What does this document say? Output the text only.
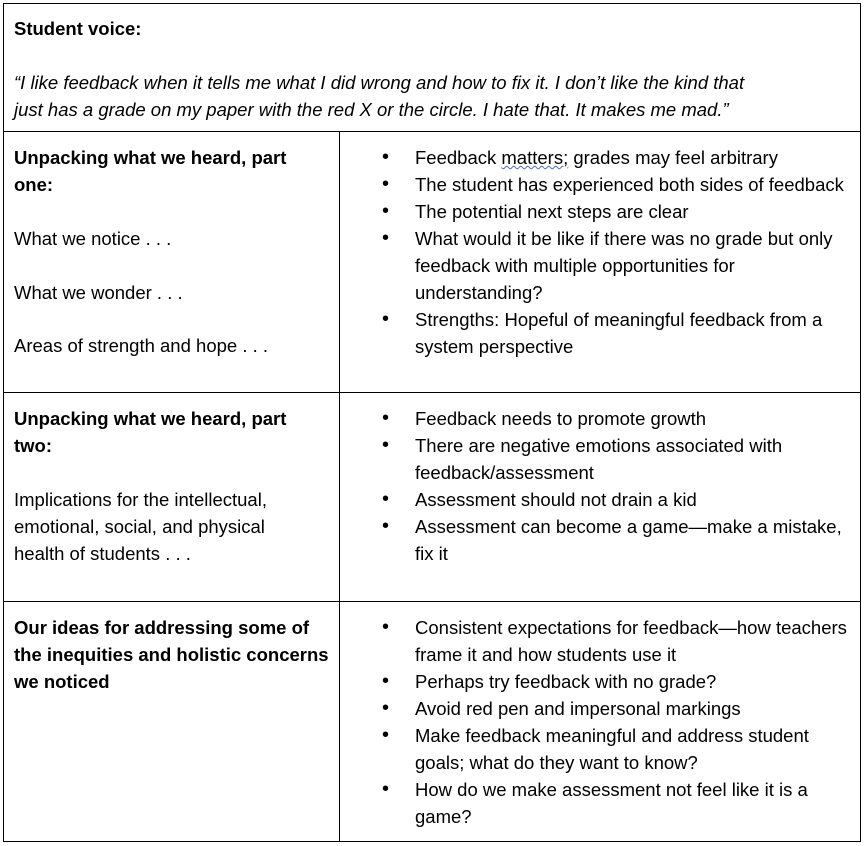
Student voice:
“I like feedback when it tells me what I did wrong and how to fix it. I don’t like the kind that
just has a grade on my paper with the red X or the circle. I hate that. It makes me mad.”
Unpacking what we heard, part one:
What we notice . . .
What we wonder . . .
Areas of strength and hope . . .
• Feedback matters; grades may feel arbitrary
• The student has experienced both sides of feedback
• The potential next steps are clear
• What would it be like if there was no grade but only feedback with multiple opportunities for understanding?
• Strengths: Hopeful of meaningful feedback from a system perspective
Unpacking what we heard, part two:
Implications for the intellectual, emotional, social, and physical health of students . . .
• Feedback needs to promote growth
• There are negative emotions associated with feedback/assessment
• Assessment should not drain a kid
• Assessment can become a game—make a mistake, fix it
Our ideas for addressing some of the inequities and holistic concerns we noticed
• Consistent expectations for feedback—how teachers frame it and how students use it
• Perhaps try feedback with no grade?
• Avoid red pen and impersonal markings
• Make feedback meaningful and address student goals; what do they want to know?
• How do we make assessment not feel like it is a game?
